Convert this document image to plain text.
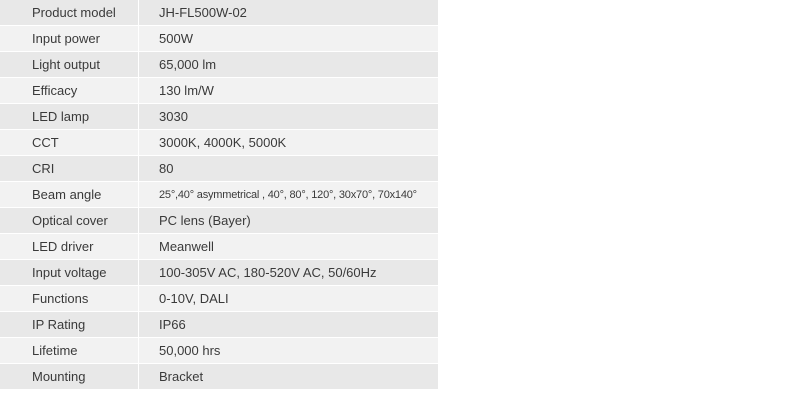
Product model	JH-FL500W-02
Input power	500W
Light output	65,000 lm
Efficacy	130 lm/W
LED lamp	3030
CCT	3000K, 4000K, 5000K
CRI	80
Beam angle	25°,40° asymmetrical , 40°, 80°, 120°, 30x70°, 70x140°
Optical cover	PC lens (Bayer)
LED driver	Meanwell
Input voltage	100-305V AC, 180-520V AC, 50/60Hz
Functions	0-10V, DALI
IP Rating	IP66
Lifetime	50,000 hrs
Mounting	Bracket
